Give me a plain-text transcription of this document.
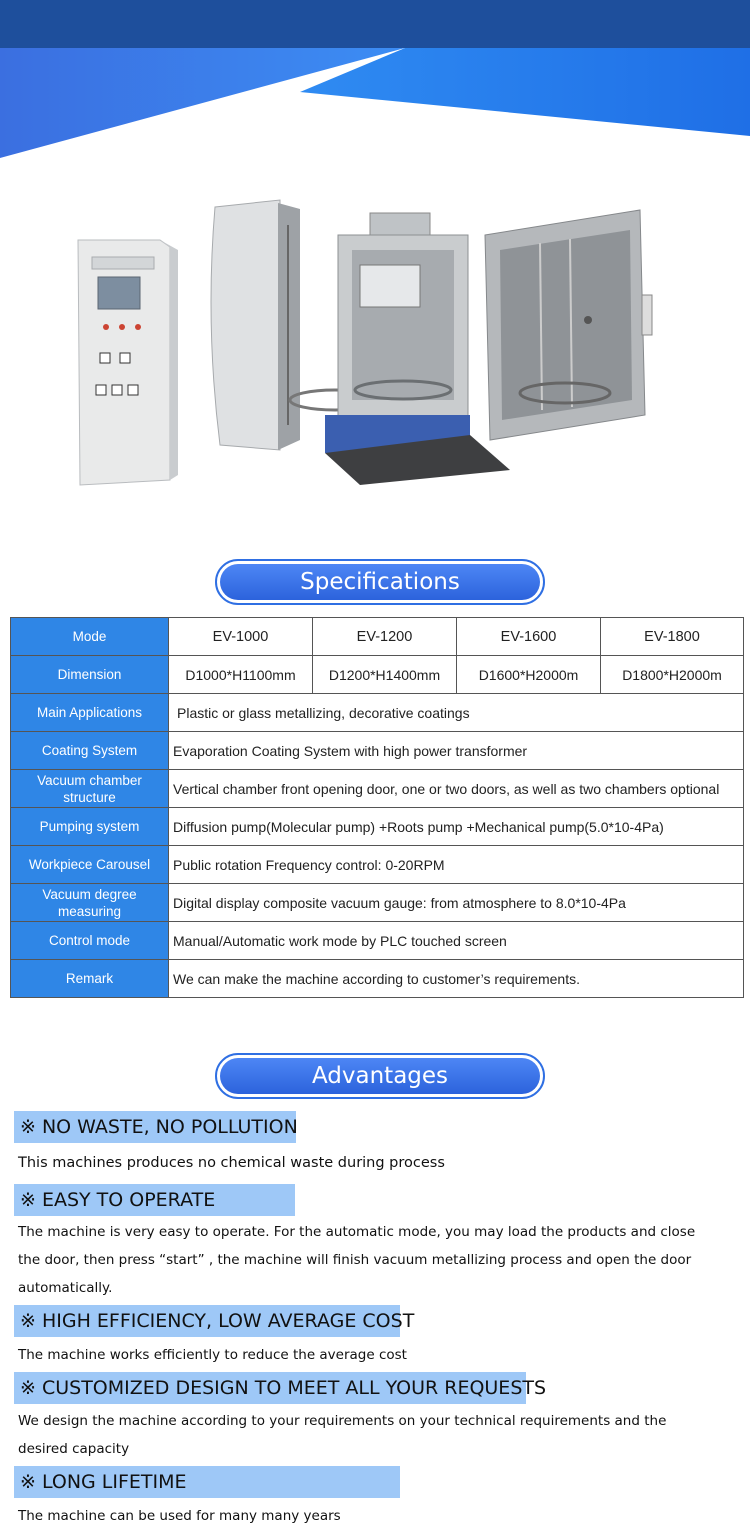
Specifications
Mode	EV-1000	EV-1200	EV-1600	EV-1800
Dimension	D1000*H1100mm	D1200*H1400mm	D1600*H2000m	D1800*H2000m
Main Applications	Plastic or glass metallizing, decorative coatings			
Coating System	Evaporation Coating System with high power transformer			
Vacuum chamber structure	Vertical chamber front opening door, one or two doors, as well as two chambers optional			
Pumping system	Diffusion pump(Molecular pump) +Roots pump +Mechanical pump(5.0*10-4Pa)			
Workpiece Carousel	Public rotation Frequency control: 0-20RPM			
Vacuum degree measuring	Digital display composite vacuum gauge: from atmosphere to 8.0*10-4Pa			
Control mode	Manual/Automatic work mode by PLC touched screen			
Remark	We can make the machine according to customer’s requirements.			
Advantages
※ NO WASTE, NO POLLUTION
This machines produces no chemical waste during process
※ EASY TO OPERATE
The machine is very easy to operate. For the automatic mode, you may load the products and close the door, then press “start” , the machine will finish vacuum metallizing process and open the door automatically.
※ HIGH EFFICIENCY, LOW AVERAGE COST
The machine works efficiently to reduce the average cost
※ CUSTOMIZED DESIGN TO MEET ALL YOUR REQUESTS
We design the machine according to your requirements on your technical requirements and the desired capacity
※ LONG LIFETIME
The machine can be used for many many years
